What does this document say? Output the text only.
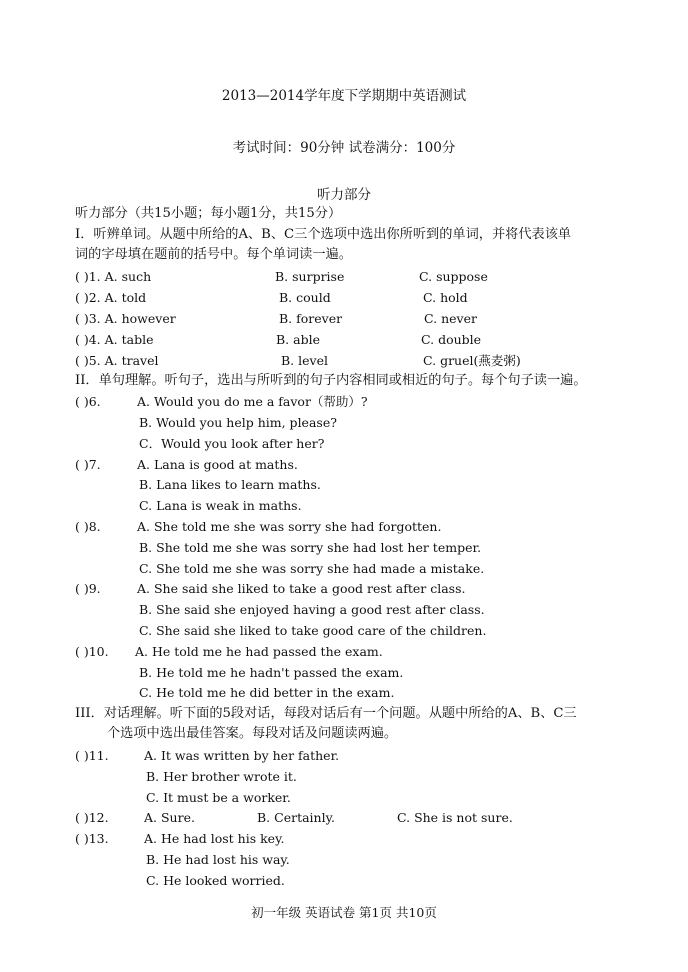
2013—2014学年度下学期期中英语测试
考试时间：90分钟 试卷满分：100分
听力部分
听力部分（共15小题；每小题1分，共15分）
I．听辨单词。从题中所给的A、B、C三个选项中选出你所听到的单词，并将代表该单
词的字母填在题前的括号中。每个单词读一遍。
( )1. A. such	B. surprise	C. suppose
( )2. A. told	B. could	C. hold
( )3. A. however	B. forever	C. never
( )4. A. table	B. able	C. double
( )5. A. travel	B. level	C. gruel(燕麦粥)
II．单句理解。听句子，选出与所听到的句子内容相同或相近的句子。每个句子读一遍。
( )6.	A. Would you do me a favor（帮助）?
B. Would you help him, please?
C．Would you look after her?
( )7.	A. Lana is good at maths.
B. Lana likes to learn maths.
C. Lana is weak in maths.
( )8.	A. She told me she was sorry she had forgotten.
B. She told me she was sorry she had lost her temper.
C. She told me she was sorry she had made a mistake.
( )9.	A. She said she liked to take a good rest after class.
B. She said she enjoyed having a good rest after class.
C. She said she liked to take good care of the children.
( )10. A. He told me he had passed the exam.
B. He told me he hadn't passed the exam.
C. He told me he did better in the exam.
III．对话理解。听下面的5段对话，每段对话后有一个问题。从题中所给的A、B、C三
个选项中选出最佳答案。每段对话及问题读两遍。
( )11.	A. It was written by her father.
B. Her brother wrote it.
C. It must be a worker.
( )12.	A. Sure.	B. Certainly.	C. She is not sure.
( )13.	A. He had lost his key.
B. He had lost his way.
C. He looked worried.
初一年级 英语试卷 第1页 共10页
